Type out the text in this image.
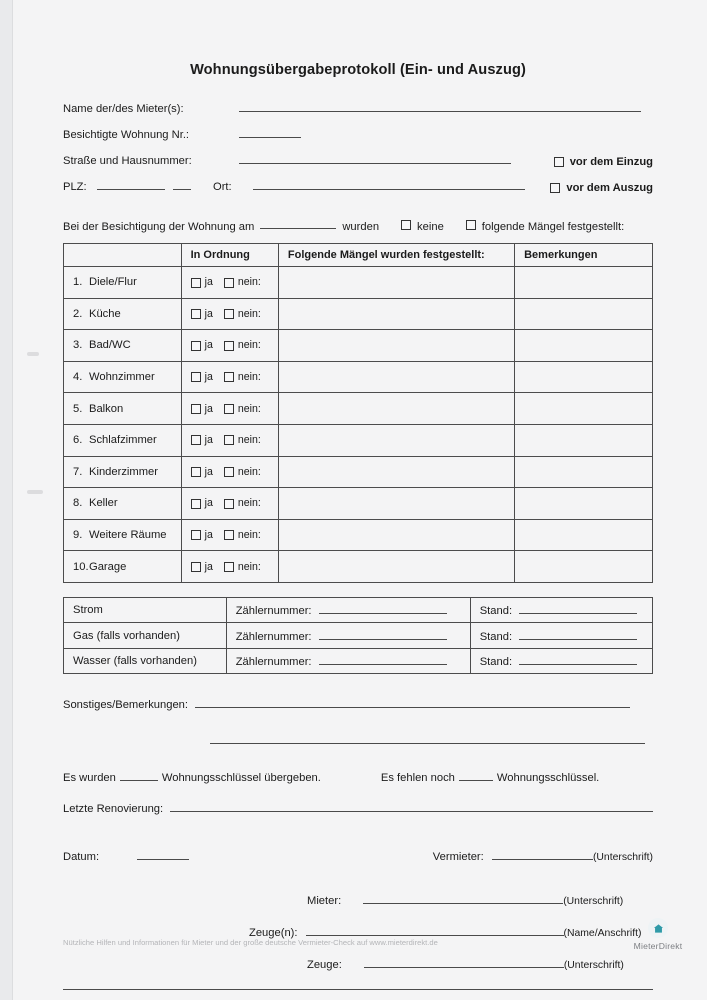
Wohnungsübergabeprotokoll (Ein- und Auszug)
Name der/des Mieter(s):
Besichtigte Wohnung Nr.:
Straße und Hausnummer:
PLZ:	Ort:
vor dem Einzug
vor dem Auszug
Bei der Besichtigung der Wohnung am	wurden	keine	folgende Mängel festgestellt:
	In Ordnung	Folgende Mängel wurden festgestellt:	Bemerkungen
1. Diele/Flur	ja nein:		
2. Küche	ja nein:		
3. Bad/WC	ja nein:		
4. Wohnzimmer	ja nein:		
5. Balkon	ja nein:		
6. Schlafzimmer	ja nein:		
7. Kinderzimmer	ja nein:		
8. Keller	ja nein:		
9. Weitere Räume	ja nein:		
10.Garage	ja nein:		
Strom	Zählernummer:	Stand:

Gas (falls vorhanden)	Zählernummer:	Stand:

Wasser (falls vorhanden)	Zählernummer:	Stand:
Sonstiges/Bemerkungen:
Es wurden	Wohnungsschlüssel übergeben.	Es fehlen noch	Wohnungsschlüssel.
Letzte Renovierung:
Datum:	Vermieter:	(Unterschrift)
Mieter:	(Unterschrift)
Zeuge(n):	(Name/Anschrift)
Zeuge:	(Unterschrift)
Nützliche Hilfen und Informationen für Mieter und der große deutsche Vermieter-Check auf www.mieterdirekt.de	MieterDirekt
